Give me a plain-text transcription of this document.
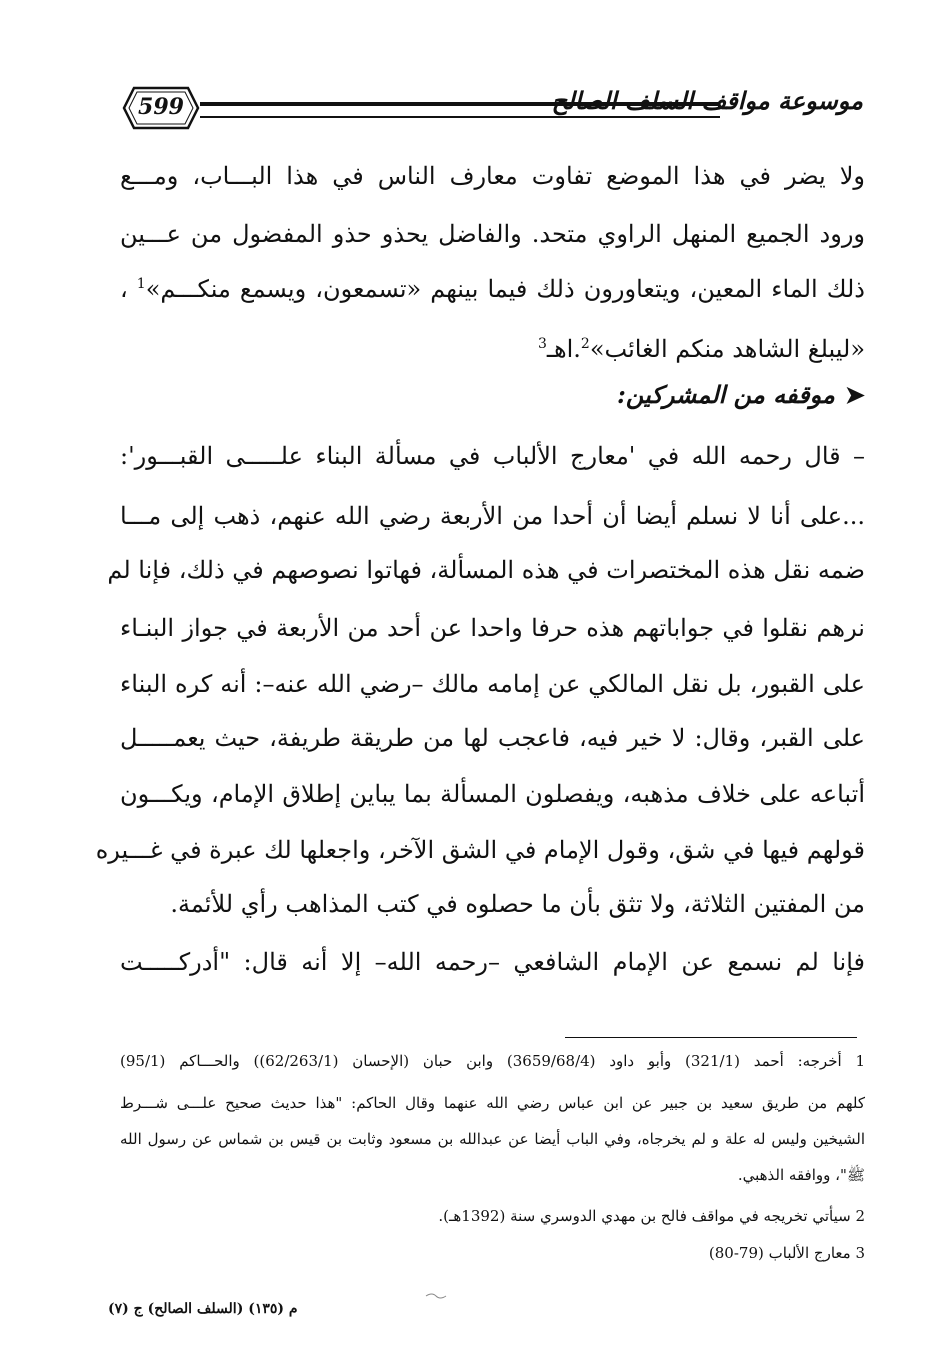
599	موسوعة مواقف السلف الصالح
ولا يضر في هذا الموضع تفاوت معارف الناس في هذا البـــاب، ومـــع
ورود الجميع المنهل الراوي متحد. والفاضل يحذو حذو المفضول من عـــين
ذلك الماء المعين، ويتعاورون ذلك فيما بينهم «تسمعون، ويسمع منكـــم»$^1$ ،
«ليبلغ الشاهد منكم الغائب»$^2$.اهـ$^3$
➤موقفه من المشركين:
– قال رحمه الله في 'معارج الألباب في مسألة البناء علـــــى القبـــور':
...على أنا لا نسلم أيضا أن أحدا من الأربعة رضي الله عنهم، ذهب إلى مـــا
ضمه نقل هذه المختصرات في هذه المسألة، فهاتوا نصوصهم في ذلك، فإنا لم
نرهم نقلوا في جواباتهم هذه حرفا واحدا عن أحد من الأربعة في جواز البنـاء
على القبور، بل نقل المالكي عن إمامه مالك –رضي الله عنه–: أنه كره البناء
على القبر، وقال: لا خير فيه، فاعجب لها من طريقة طريفة، حيث يعمـــــل
أتباعه على خلاف مذهبه، ويفصلون المسألة بما يباين إطلاق الإمام، ويكـــون
قولهم فيها في شق، وقول الإمام في الشق الآخر، واجعلها لك عبرة في غـــيره
من المفتين الثلاثة، ولا تثق بأن ما حصلوه في كتب المذاهب رأي للأئمة.
فإنا لم نسمع عن الإمام الشافعي –رحمه الله– إلا أنه قال: "أدركـــــت
1 أخرجه: أحمد (321/1) وأبو داود (3659/68/4) وابن حبان (الإحسان (62/263/1)) والحـــاكم (95/1)
كلهم من طريق سعيد بن جبير عن ابن عباس رضي الله عنهما وقال الحاكم: "هذا حديث صحيح علـــى شـــرط
الشيخين وليس له علة و لم يخرجاه، وفي الباب أيضا عن عبدالله بن مسعود وثابت بن قيس بن شماس عن رسول الله
ﷺ"، ووافقه الذهبي.
2 سيأتي تخريجه في مواقف فالح بن مهدي الدوسري سنة (1392هـ).
3 معارج الألباب (79-80)
م (١٣٥) (السلف الصالح) ج (٧)
